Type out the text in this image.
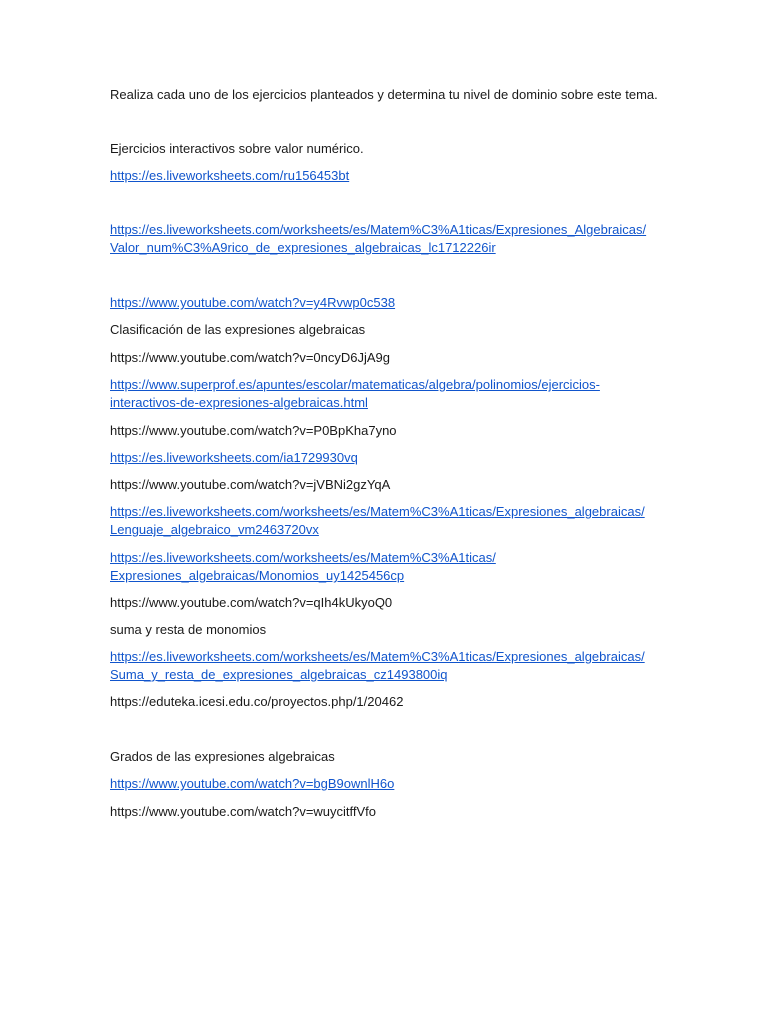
Realiza cada uno de los ejercicios planteados y determina tu nivel de dominio sobre este tema.
Ejercicios interactivos sobre valor numérico.
https://es.liveworksheets.com/ru156453bt
https://es.liveworksheets.com/worksheets/es/Matem%C3%A1ticas/Expresiones_Algebraicas/
Valor_num%C3%A9rico_de_expresiones_algebraicas_lc1712226ir
https://www.youtube.com/watch?v=y4Rvwp0c538
Clasificación de las expresiones algebraicas
https://www.youtube.com/watch?v=0ncyD6JjA9g
https://www.superprof.es/apuntes/escolar/matematicas/algebra/polinomios/ejercicios-
interactivos-de-expresiones-algebraicas.html
https://www.youtube.com/watch?v=P0BpKha7yno
https://es.liveworksheets.com/ia1729930vq
https://www.youtube.com/watch?v=jVBNi2gzYqA
https://es.liveworksheets.com/worksheets/es/Matem%C3%A1ticas/Expresiones_algebraicas/
Lenguaje_algebraico_vm2463720vx
https://es.liveworksheets.com/worksheets/es/Matem%C3%A1ticas/
Expresiones_algebraicas/Monomios_uy1425456cp
https://www.youtube.com/watch?v=qIh4kUkyoQ0
suma y resta de monomios
https://es.liveworksheets.com/worksheets/es/Matem%C3%A1ticas/Expresiones_algebraicas/
Suma_y_resta_de_expresiones_algebraicas_cz1493800iq
https://eduteka.icesi.edu.co/proyectos.php/1/20462
Grados de las expresiones algebraicas
https://www.youtube.com/watch?v=bgB9ownlH6o
https://www.youtube.com/watch?v=wuycitffVfo
